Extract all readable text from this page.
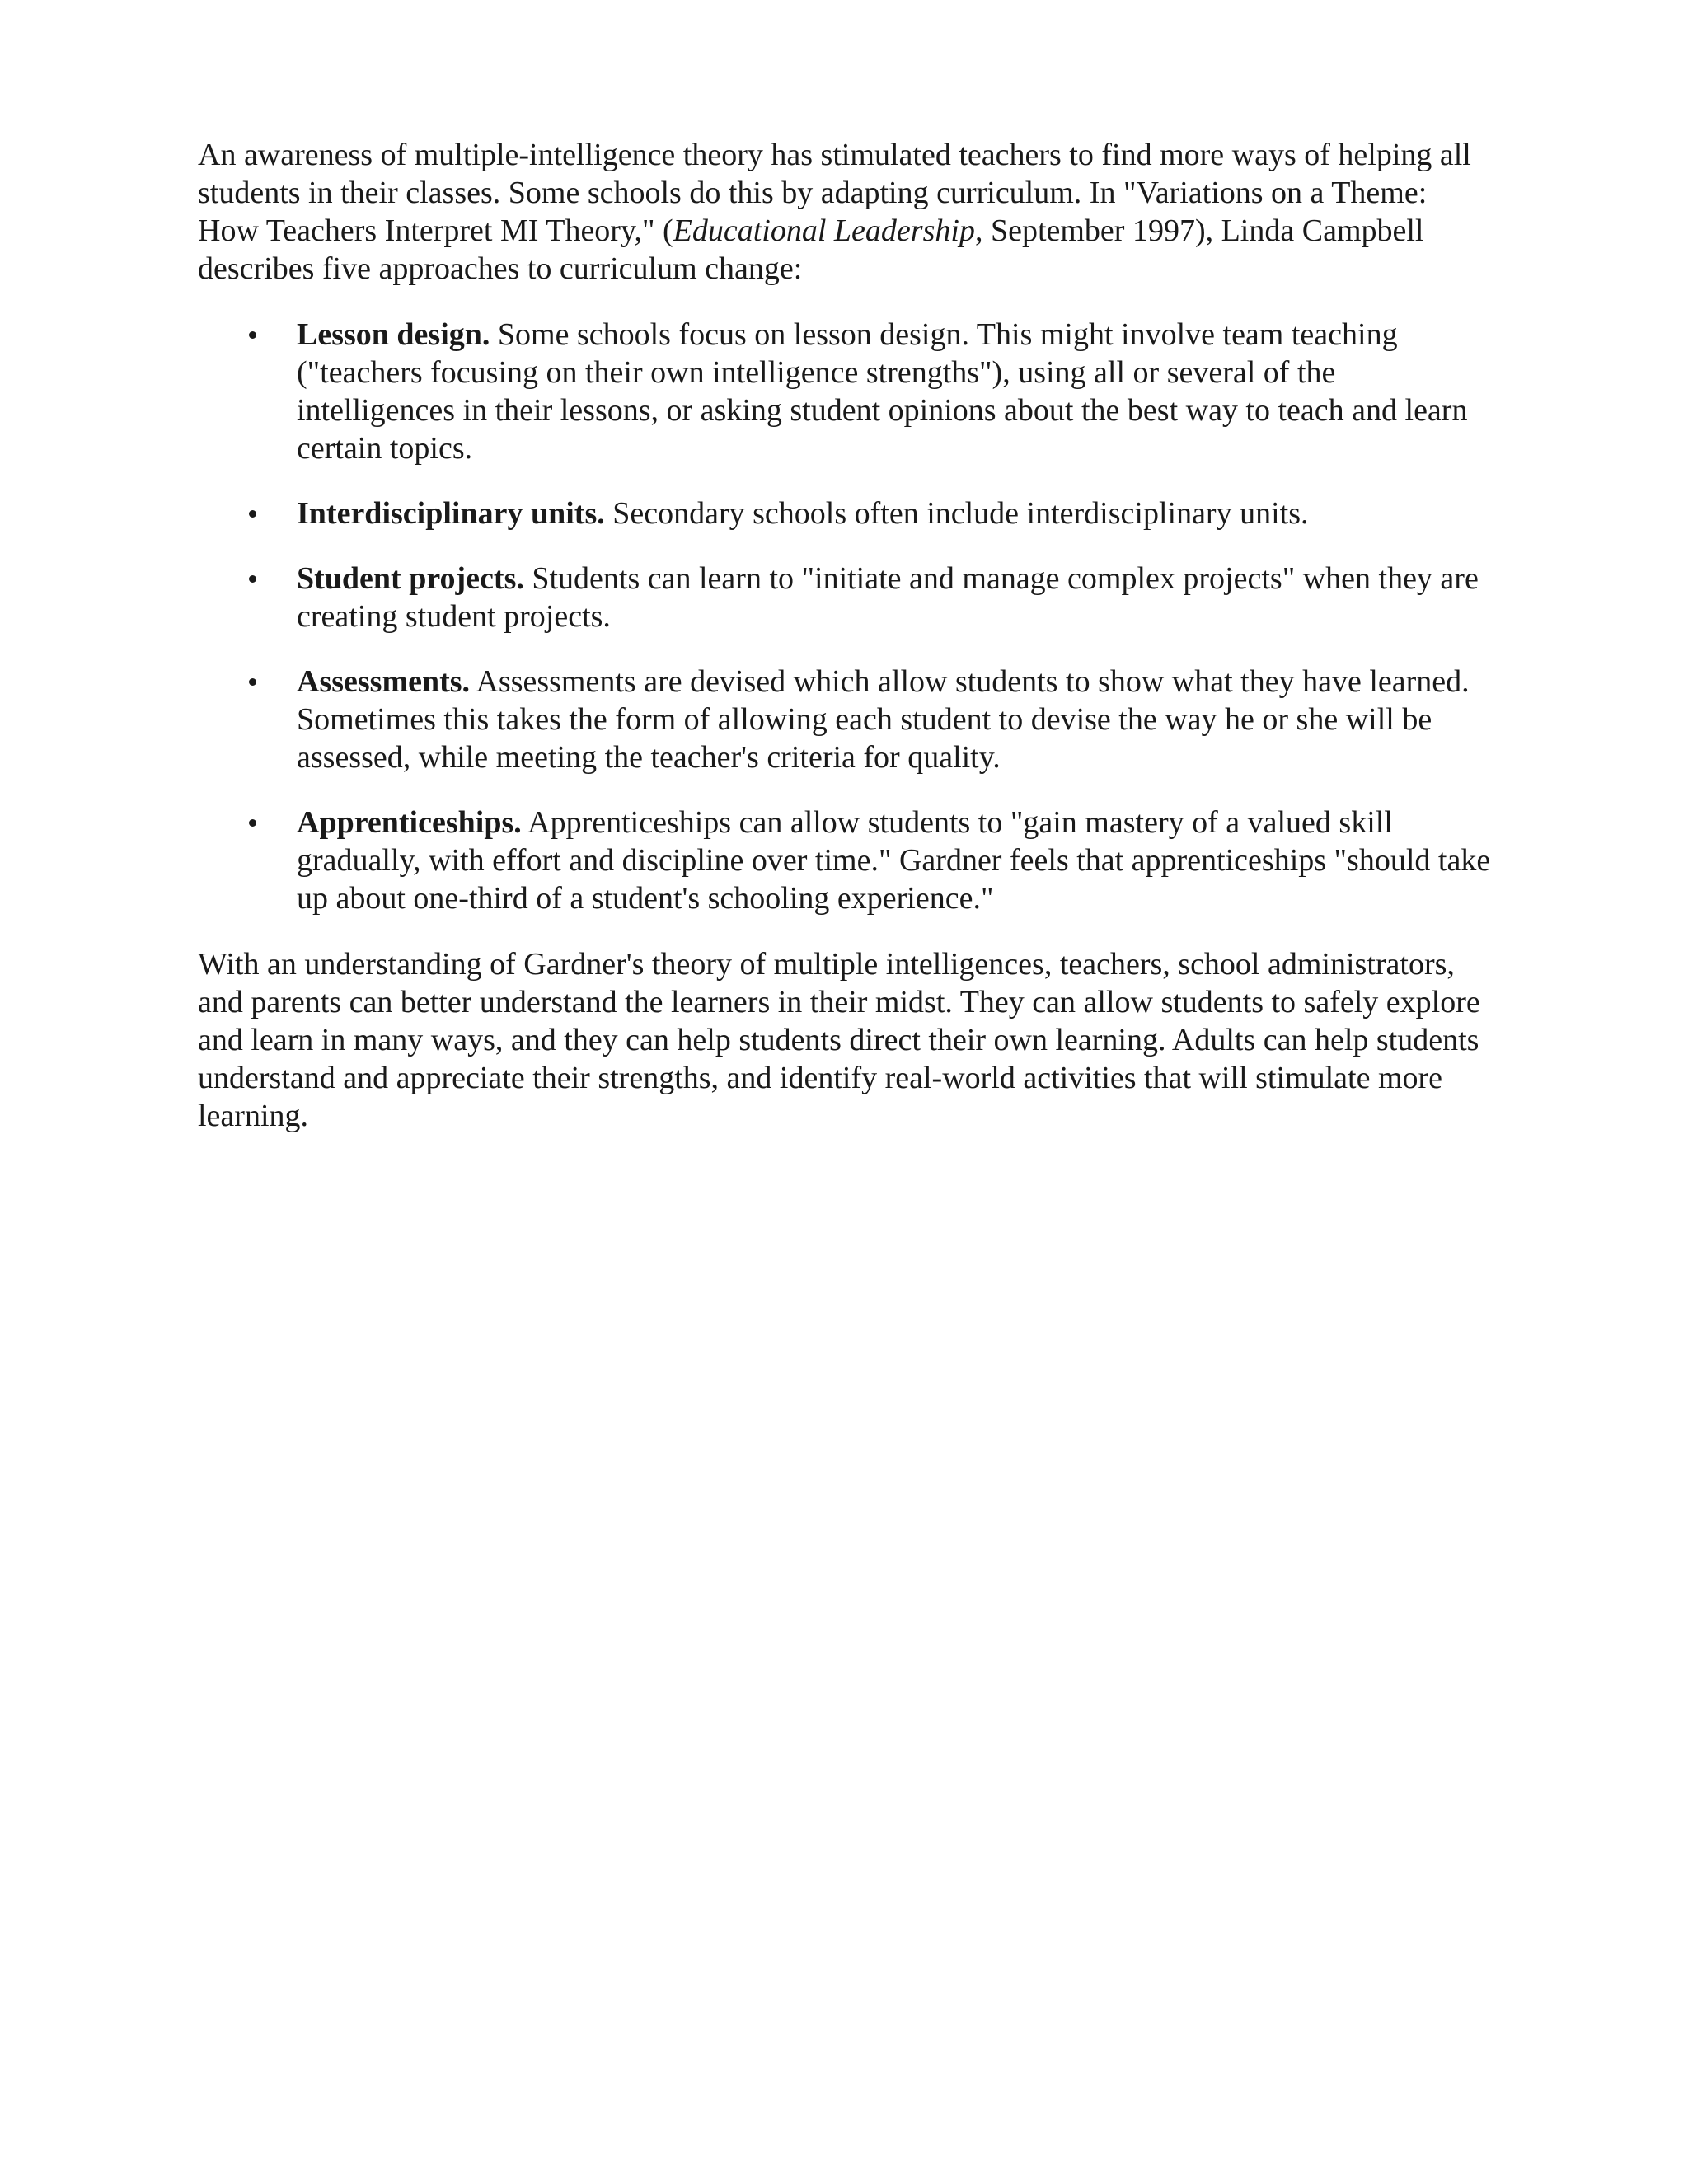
An awareness of multiple-intelligence theory has stimulated teachers to find more ways of helping all students in their classes. Some schools do this by adapting curriculum. In "Variations on a Theme: How Teachers Interpret MI Theory," (Educational Leadership, September 1997), Linda Campbell describes five approaches to curriculum change:

Lesson design. Some schools focus on lesson design. This might involve team teaching ("teachers focusing on their own intelligence strengths"), using all or several of the intelligences in their lessons, or asking student opinions about the best way to teach and learn certain topics.
Interdisciplinary units. Secondary schools often include interdisciplinary units.
Student projects. Students can learn to "initiate and manage complex projects" when they are creating student projects.
Assessments. Assessments are devised which allow students to show what they have learned. Sometimes this takes the form of allowing each student to devise the way he or she will be assessed, while meeting the teacher's criteria for quality.
Apprenticeships. Apprenticeships can allow students to "gain mastery of a valued skill gradually, with effort and discipline over time." Gardner feels that apprenticeships "should take up about one-third of a student's schooling experience."

With an understanding of Gardner's theory of multiple intelligences, teachers, school administrators, and parents can better understand the learners in their midst. They can allow students to safely explore and learn in many ways, and they can help students direct their own learning. Adults can help students understand and appreciate their strengths, and identify real-world activities that will stimulate more learning.
